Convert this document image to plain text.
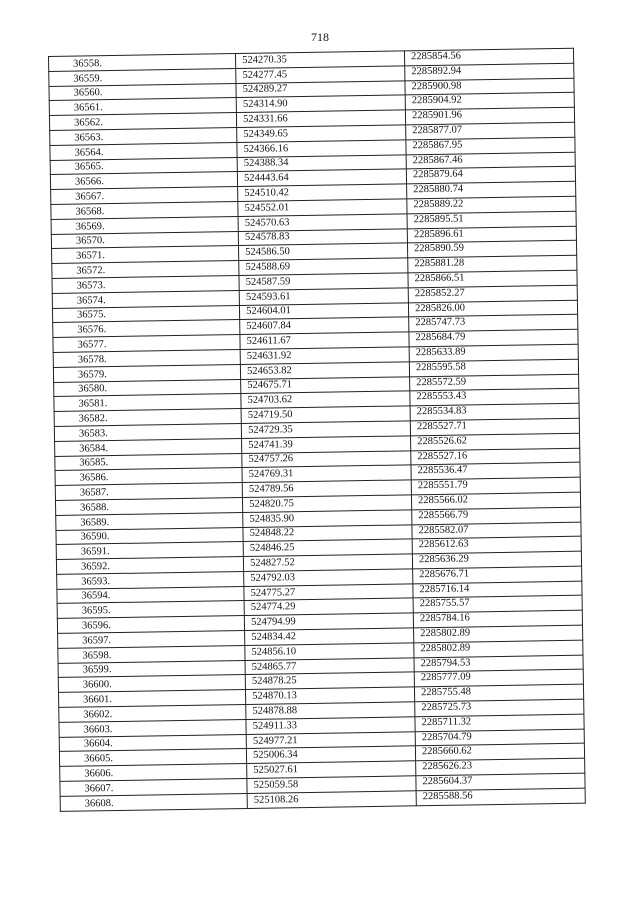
718
36558.	524270.35	2285854.56
36559.	524277.45	2285892.94
36560.	524289.27	2285900.98
36561.	524314.90	2285904.92
36562.	524331.66	2285901.96
36563.	524349.65	2285877.07
36564.	524366.16	2285867.95
36565.	524388.34	2285867.46
36566.	524443.64	2285879.64
36567.	524510.42	2285880.74
36568.	524552.01	2285889.22
36569.	524570.63	2285895.51
36570.	524578.83	2285896.61
36571.	524586.50	2285890.59
36572.	524588.69	2285881.28
36573.	524587.59	2285866.51
36574.	524593.61	2285852.27
36575.	524604.01	2285826.00
36576.	524607.84	2285747.73
36577.	524611.67	2285684.79
36578.	524631.92	2285633.89
36579.	524653.82	2285595.58
36580.	524675.71	2285572.59
36581.	524703.62	2285553.43
36582.	524719.50	2285534.83
36583.	524729.35	2285527.71
36584.	524741.39	2285526.62
36585.	524757.26	2285527.16
36586.	524769.31	2285536.47
36587.	524789.56	2285551.79
36588.	524820.75	2285566.02
36589.	524835.90	2285566.79
36590.	524848.22	2285582.07
36591.	524846.25	2285612.63
36592.	524827.52	2285636.29
36593.	524792.03	2285676.71
36594.	524775.27	2285716.14
36595.	524774.29	2285755.57
36596.	524794.99	2285784.16
36597.	524834.42	2285802.89
36598.	524856.10	2285802.89
36599.	524865.77	2285794.53
36600.	524878.25	2285777.09
36601.	524870.13	2285755.48
36602.	524878.88	2285725.73
36603.	524911.33	2285711.32
36604.	524977.21	2285704.79
36605.	525006.34	2285660.62
36606.	525027.61	2285626.23
36607.	525059.58	2285604.37
36608.	525108.26	2285588.56
